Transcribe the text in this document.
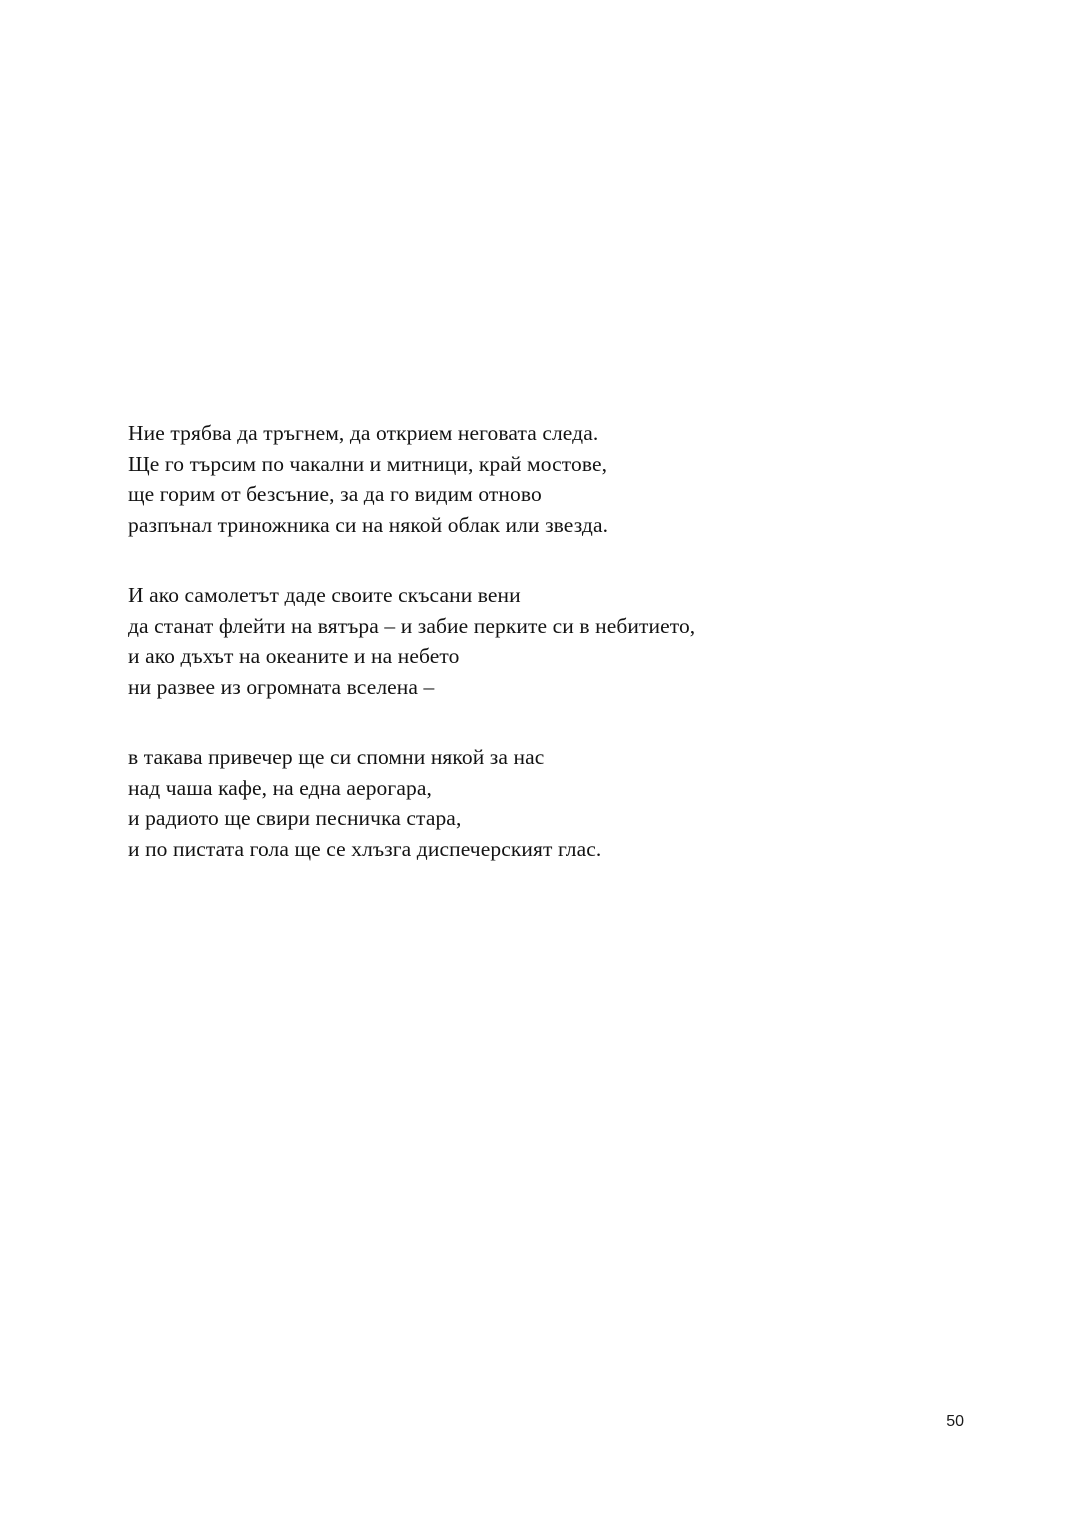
Ние трябва да тръгнем, да открием неговата следа.
Ще го търсим по чакални и митници, край мостове,
ще горим от безсъние, за да го видим отново
разпънал триножника си на някой облак или звезда.
И ако самолетът даде своите скъсани вени
да станат флейти на вятъра – и забие перките си в небитието,
и ако дъхът на океаните и на небето
ни развее из огромната вселена –
в такава привечер ще си спомни някой за нас
над чаша кафе, на една аерогара,
и радиото ще свири песничка стара,
и по пистата гола ще се хлъзга диспечерският глас.
50
